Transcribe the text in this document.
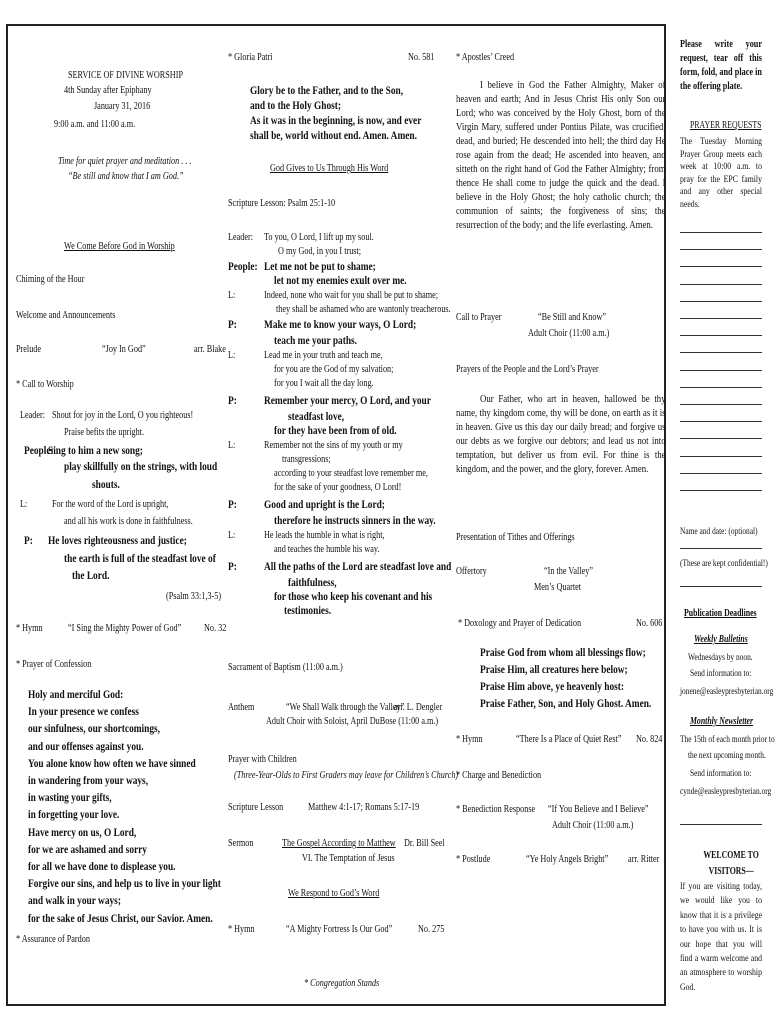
SERVICE OF DIVINE WORSHIP
4th Sunday after Epiphany
January 31, 2016
9:00 a.m. and 11:00 a.m.
Time for quiet prayer and meditation . . .
“Be still and know that I am God.”
We Come Before God in Worship
Chiming of the Hour
Welcome and Announcements
Prelude	“Joy In God”	arr. Blake
* Call to Worship
Leader: Shout for joy in the Lord, O you righteous!
Praise befits the upright.
People:
Sing to him a new song;
play skillfully on the strings, with loud
shouts.
L: For the word of the Lord is upright,
and all his work is done in faithfulness.
P: He loves righteousness and justice;
the earth is full of the steadfast love of
the Lord.
(Psalm 33:1,3-5)
* Hymn “I Sing the Mighty Power of God” No. 32
* Prayer of Confession
Holy and merciful God:
In your presence we confess
our sinfulness, our shortcomings,
and our offenses against you.
You alone know how often we have sinned
in wandering from your ways,
in wasting your gifts,
in forgetting your love.
Have mercy on us, O Lord,
for we are ashamed and sorry
for all we have done to displease you.
Forgive our sins, and help us to live in your light
and walk in your ways;
for the sake of Jesus Christ, our Savior. Amen.
* Assurance of Pardon
* Gloria Patri	No. 581
Glory be to the Father, and to the Son,
and to the Holy Ghost;
As it was in the beginning, is now, and ever
shall be, world without end. Amen. Amen.
God Gives to Us Through His Word
Scripture Lesson: Psalm 25:1-10
Leader: To you, O Lord, I lift up my soul.
O my God, in you I trust;
People: Let me not be put to shame;
let not my enemies exult over me.
L:	Indeed, none who wait for you shall be put to shame;
they shall be ashamed who are wantonly treacherous.
P: Make me to know your ways, O Lord;
teach me your paths.
L:	Lead me in your truth and teach me,
for you are the God of my salvation;
for you I wait all the day long.
P: Remember your mercy, O Lord, and your
steadfast love,
for they have been from of old.
L:	Remember not the sins of my youth or my
transgressions;
according to your steadfast love remember me,
for the sake of your goodness, O Lord!
P: Good and upright is the Lord;
therefore he instructs sinners in the way.
L:	He leads the humble in what is right,
and teaches the humble his way.
P: All the paths of the Lord are steadfast love and
faithfulness,
for those who keep his covenant and his
testimonies.
Sacrament of Baptism (11:00 a.m.)
Anthem	“We Shall Walk through the Valley”
arr. L. Dengler
Adult Choir with Soloist, April DuBose (11:00 a.m.)
Prayer with Children
(Three-Year-Olds to First Graders may leave for Children’s Church)
Scripture Lesson Matthew 4:1-17; Romans 5:17-19
Sermon	The Gospel According to Matthew Dr. Bill Seel
VI. The Temptation of Jesus
We Respond to God’s Word
* Hymn	“A Mighty Fortress Is Our God” No. 275
* Congregation Stands
* Apostles’ Creed
I believe in God the Father Almighty, Maker of heaven and earth; And in Jesus Christ His only Son our Lord; who was conceived by the Holy Ghost, born of the Virgin Mary, suffered under Pontius Pilate, was crucified, dead, and buried; He descended into hell; the third day He rose again from the dead; He ascended into heaven, and sitteth on the right hand of God the Father Almighty; from thence He shall come to judge the quick and the dead. I believe in the Holy Ghost; the holy catholic church; the communion of saints; the forgiveness of sins; the resurrection of the body; and the life everlasting. Amen.
Call to Prayer	“Be Still and Know”
Adult Choir (11:00 a.m.)
Prayers of the People and the Lord’s Prayer
Our Father, who art in heaven, hallowed be thy name, thy kingdom come, thy will be done, on earth as it is in heaven. Give us this day our daily bread; and forgive us our debts as we forgive our debtors; and lead us not into temptation, but deliver us from evil. For thine is the kingdom, and the power, and the glory, forever. Amen.
Presentation of Tithes and Offerings
Offertory	“In the Valley”
Men’s Quartet
* Doxology and Prayer of Dedication	No. 606
Praise God from whom all blessings flow;
Praise Him, all creatures here below;
Praise Him above, ye heavenly host:
Praise Father, Son, and Holy Ghost. Amen.
* Hymn	“There Is a Place of Quiet Rest” No. 824
* Charge and Benediction
* Benediction Response “If You Believe and I Believe”
Adult Choir (11:00 a.m.)
* Postlude	“Ye Holy Angels Bright” arr. Ritter
Please write your request, tear off this form, fold, and place in the offering plate.
PRAYER REQUESTS
The Tuesday Morning Prayer Group meets each week at 10:00 a.m. to pray for the EPC family and any other special needs.
Name and date: (optional)
(These are kept confidential!)
Publication Deadlines
Weekly Bulletins
Wednesdays by noon.
Send information to:
jonene@easleypresbyterian.org
Monthly Newsletter
The 15th of each month prior to
the next upcoming month.
Send information to:
cynde@easleypresbyterian.org
WELCOME TO VISITORS—
If you are visiting today, we would like you to know that it is a privilege to have you with us. It is our hope that you will find a warm welcome and an atmosphere to worship God.
